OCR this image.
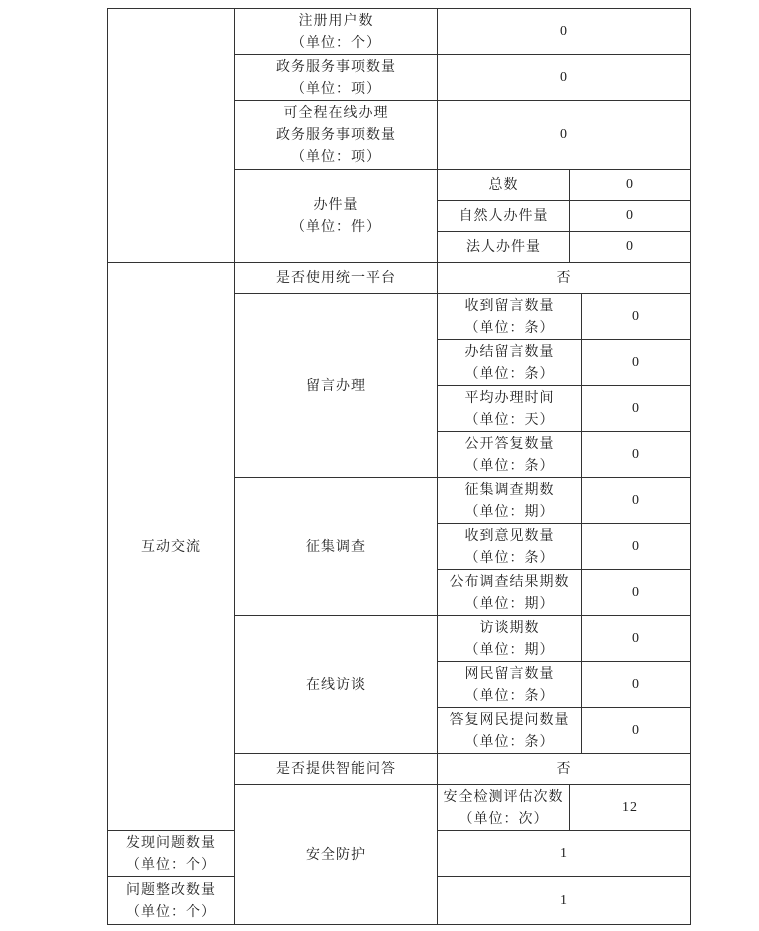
	注册用户数
（单位：个）	0		

	政务服务事项数量
（单位：项）	0		

	可全程在线办理
政务服务事项数量
（单位：项）	0		

	办件量
（单位：件）	总数	0	
		自然人办件量	0	
		法人办件量	0	
互动交流	是否使用统一平台	否		
	留言办理	收到留言数量
（单位：条）		0

		办结留言数量
（单位：条）		0

		平均办理时间
（单位：天）		0

		公开答复数量
（单位：条）		0
	征集调查	征集调查期数
（单位：期）		0

		收到意见数量
（单位：条）		0

		公布调查结果期数
（单位：期）		0
	在线访谈	访谈期数
（单位：期）		0

		网民留言数量
（单位：条）		0

		答复网民提问数量
（单位：条）		0
	是否提供智能问答	否		
	安全防护	安全检测评估次数
（单位：次）	12	

发现问题数量
（单位：个）		1		

问题整改数量
（单位：个）		1		
